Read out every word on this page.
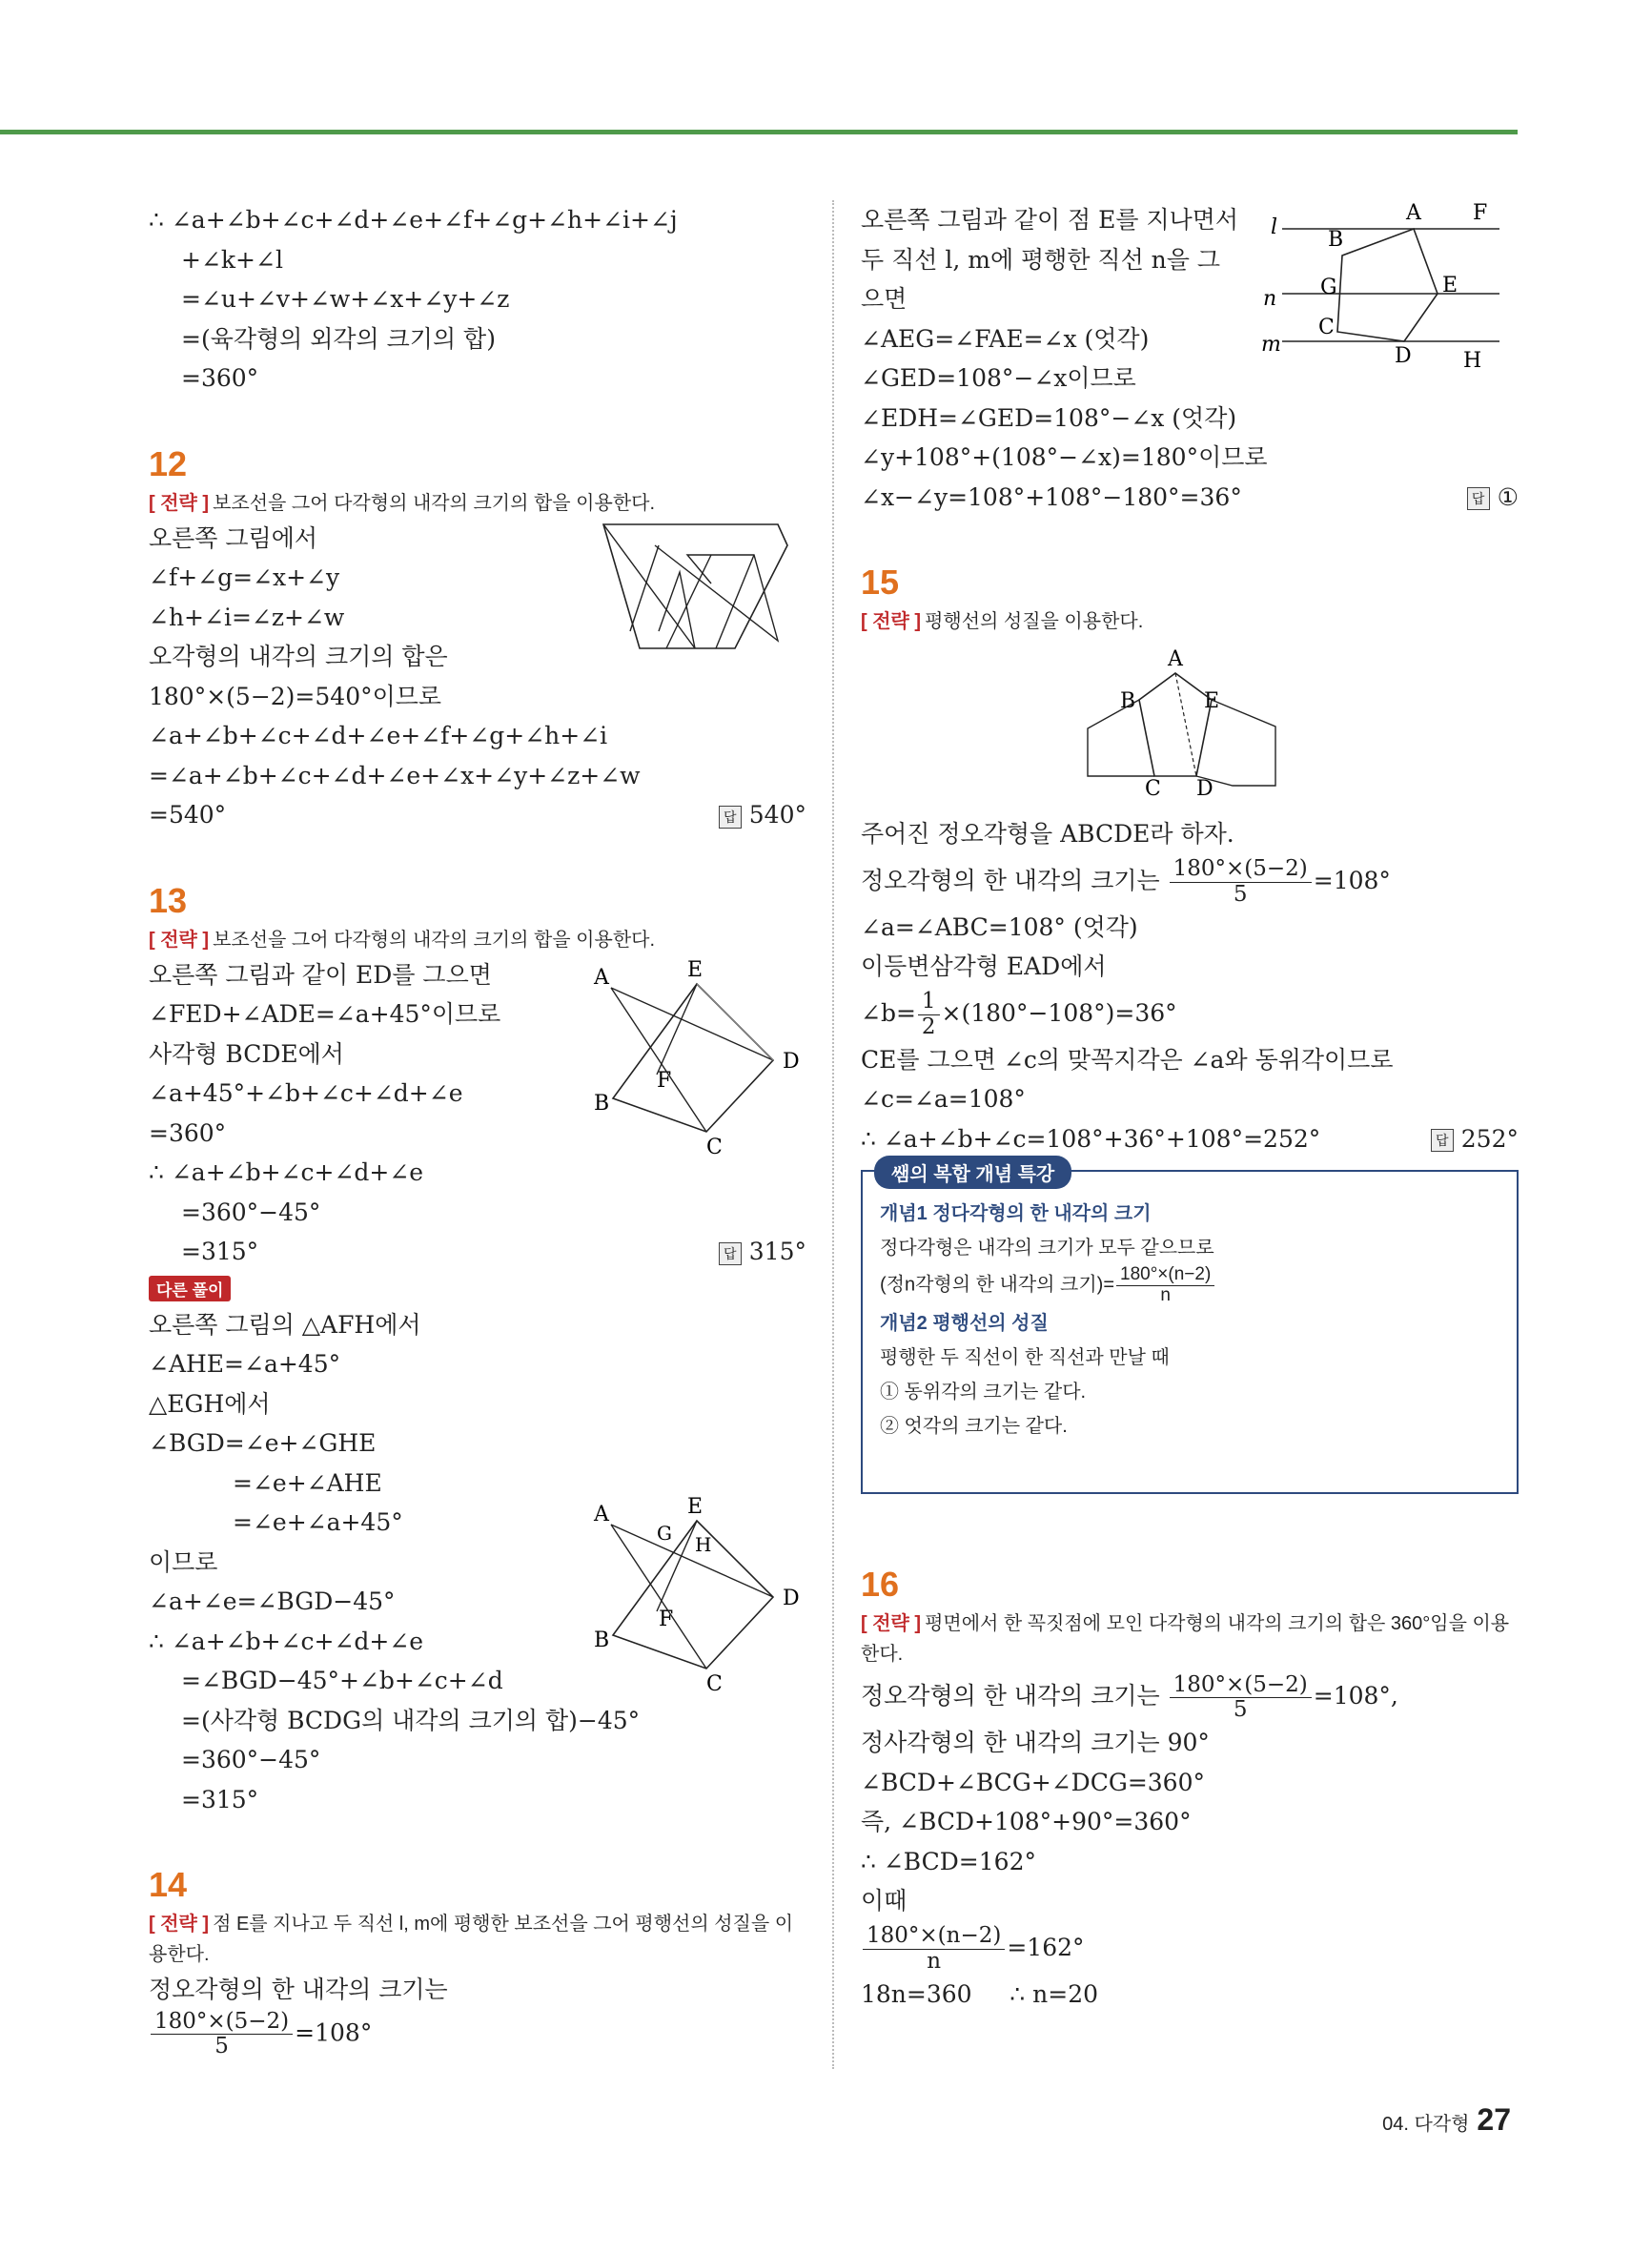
∴ ∠a+∠b+∠c+∠d+∠e+∠f+∠g+∠h+∠i+∠j
+∠k+∠l
=∠u+∠v+∠w+∠x+∠y+∠z
=(육각형의 외각의 크기의 합)
=360°
12
[ 전략 ] 보조선을 그어 다각형의 내각의 크기의 합을 이용한다.
오른쪽 그림에서
∠f+∠g=∠x+∠y
∠h+∠i=∠z+∠w
오각형의 내각의 크기의 합은
180°×(5−2)=540°이므로
∠a+∠b+∠c+∠d+∠e+∠f+∠g+∠h+∠i
=∠a+∠b+∠c+∠d+∠e+∠x+∠y+∠z+∠w
=540°	답 540°
13
[ 전략 ] 보조선을 그어 다각형의 내각의 크기의 합을 이용한다.
오른쪽 그림과 같이 ED를 그으면
∠FED+∠ADE=∠a+45°이므로
사각형 BCDE에서
∠a+45°+∠b+∠c+∠d+∠e
=360°
∴ ∠a+∠b+∠c+∠d+∠e
=360°−45°
=315°	답 315°
다른 풀이
오른쪽 그림의 △AFH에서
∠AHE=∠a+45°
△EGH에서
∠BGD=∠e+∠GHE
=∠e+∠AHE
=∠e+∠a+45°
이므로
∠a+∠e=∠BGD−45°
∴ ∠a+∠b+∠c+∠d+∠e
=∠BGD−45°+∠b+∠c+∠d
=(사각형 BCDG의 내각의 크기의 합)−45°
=360°−45°
=315°
A	E
B
D
C
F
A	E
B
D
C
F
G H
14
[ 전략 ] 점 E를 지나고 두 직선 l, m에 평행한 보조선을 그어 평행선의 성질을 이용한다.
정오각형의 한 내각의 크기는
$\frac{180^\circ\times(5-2)}{5} =108^\circ$
오른쪽 그림과 같이 점 E를 지나면서
두 직선 l, m에 평행한 직선 n을 그
으면
∠AEG=∠FAE=∠x (엇각)
∠GED=108°−∠x이므로
∠EDH=∠GED=108°−∠x (엇각)
∠y+108°+(108°−∠x)=180°이므로
∠x−∠y=108°+108°−180°=36°	답 ①
l
n
m
A F
B
G	E
C
D H
15
[ 전략 ] 평행선의 성질을 이용한다.
A
B	E
C D
주어진 정오각형을 ABCDE라 하자.
정오각형의 한 내각의 크기는 $\frac{180^\circ\times(5-2)}{5} =108^\circ$
∠a=∠ABC=108° (엇각)
이등변삼각형 EAD에서
∠b= $\frac{1}{2} \times(180^\circ-108^\circ)=36^\circ$
CE를 그으면 ∠c의 맞꼭지각은 ∠a와 동위각이므로
∠c=∠a=108°
∴ ∠a+∠b+∠c=108°+36°+108°=252°	답 252°
쌤의 복합 개념 특강
개념1 정다각형의 한 내각의 크기
정다각형은 내각의 크기가 모두 같으므로
(정n각형의 한 내각의 크기)= $\frac{180^\circ\times(n-2)}{n}$
개념2 평행선의 성질
평행한 두 직선이 한 직선과 만날 때
① 동위각의 크기는 같다.
② 엇각의 크기는 같다.
16
[ 전략 ] 평면에서 한 꼭짓점에 모인 다각형의 내각의 크기의 합은 360°임을 이용한다.
정오각형의 한 내각의 크기는 $\frac{180^\circ\times(5-2)}{5} =108^\circ$,
정사각형의 한 내각의 크기는 90°
∠BCD+∠BCG+∠DCG=360°
즉, ∠BCD+108°+90°=360°
∴ ∠BCD=162°
이때
$\frac{180^\circ\times(n-2)}{n} =162^\circ$
18n=360     ∴ n=20
04. 다각형 27
